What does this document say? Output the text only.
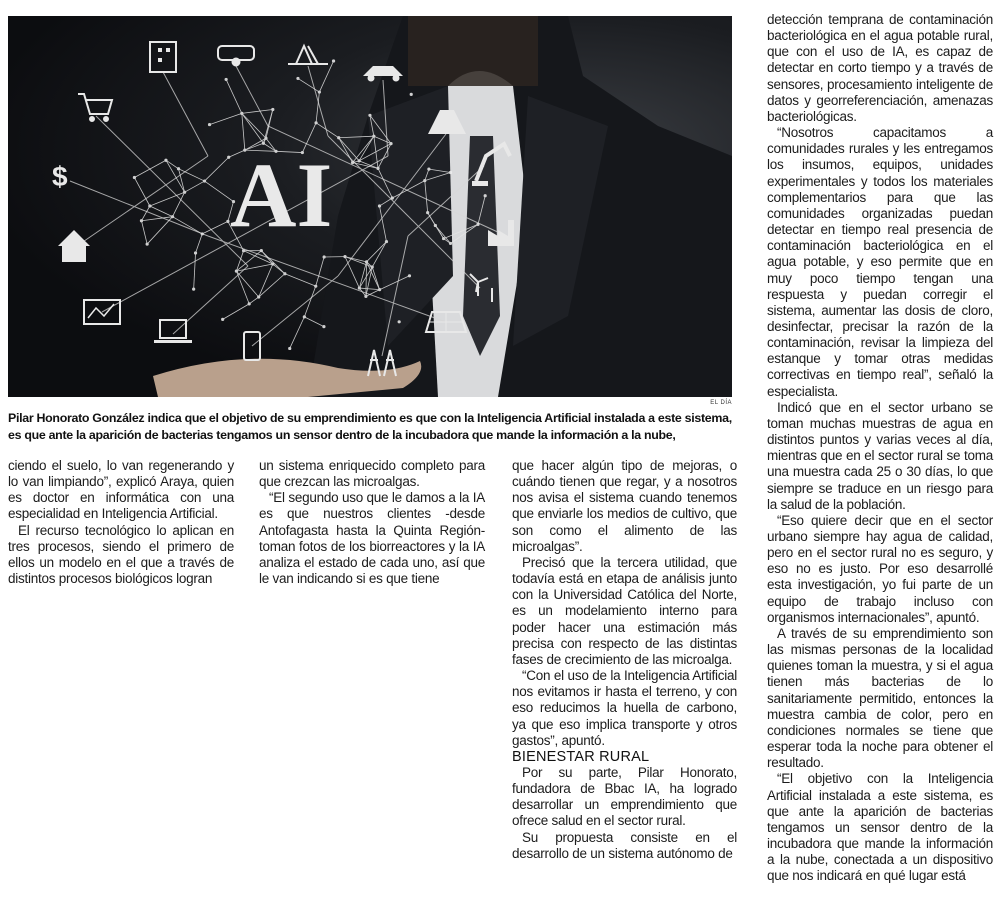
AI
$
EL DÍA
Pilar Honorato González indica que el objetivo de su emprendimiento es que con la Inteligencia Artificial instalada a este sistema, es que ante la aparición de bacterias tengamos un sensor dentro de la incubadora que mande la información a la nube,

ciendo el suelo, lo van regenerando y lo van limpiando”, explicó Araya, quien es doctor en informática con una especialidad en Inteligencia Artificial.

El recurso tecnológico lo aplican en tres procesos, siendo el primero de ellos un modelo en el que a través de distintos procesos biológicos logran

un sistema enriquecido completo para que crezcan las microalgas.

“El segundo uso que le damos a la IA es que nuestros clientes -desde Antofagasta hasta la Quinta Región- toman fotos de los biorreactores y la IA analiza el estado de cada uno, así que le van indicando si es que tiene

que hacer algún tipo de mejoras, o cuándo tienen que regar, y a nosotros nos avisa el sistema cuando tenemos que enviarle los medios de cultivo, que son como el alimento de las microalgas”.

Precisó que la tercera utilidad, que todavía está en etapa de análisis junto con la Universidad Católica del Norte, es un modelamiento interno para poder hacer una estimación más precisa con respecto de las distintas fases de crecimiento de las microalga.

“Con el uso de la Inteligencia Artificial nos evitamos ir hasta el terreno, y con eso reducimos la huella de carbono, ya que eso implica transporte y otros gastos”, apuntó.

BIENESTAR RURAL

Por su parte, Pilar Honorato, fundadora de Bbac IA, ha logrado desarrollar un emprendimiento que ofrece salud en el sector rural.

Su propuesta consiste en el desarrollo de un sistema autónomo de

detección temprana de contaminación bacteriológica en el agua potable rural, que con el uso de IA, es capaz de detectar en corto tiempo y a través de sensores, procesamiento inteligente de datos y georreferenciación, amenazas bacteriológicas.

“Nosotros capacitamos a comunidades rurales y les entregamos los insumos, equipos, unidades experimentales y todos los materiales complementarios para que las comunidades organizadas puedan detectar en tiempo real presencia de contaminación bacteriológica en el agua potable, y eso permite que en muy poco tiempo tengan una respuesta y puedan corregir el sistema, aumentar las dosis de cloro, desinfectar, precisar la razón de la contaminación, revisar la limpieza del estanque y tomar otras medidas correctivas en tiempo real”, señaló la especialista.

Indicó que en el sector urbano se toman muchas muestras de agua en distintos puntos y varias veces al día, mientras que en el sector rural se toma una muestra cada 25 o 30 días, lo que siempre se traduce en un riesgo para la salud de la población.

“Eso quiere decir que en el sector urbano siempre hay agua de calidad, pero en el sector rural no es seguro, y eso no es justo. Por eso desarrollé esta investigación, yo fui parte de un equipo de trabajo incluso con organismos internacionales”, apuntó.

A través de su emprendimiento son las mismas personas de la localidad quienes toman la muestra, y si el agua tienen más bacterias de lo sanitariamente permitido, entonces la muestra cambia de color, pero en condiciones normales se tiene que esperar toda la noche para obtener el resultado.

“El objetivo con la Inteligencia Artificial instalada a este sistema, es que ante la aparición de bacterias tengamos un sensor dentro de la incubadora que mande la información a la nube, conectada a un dispositivo que nos indicará en qué lugar está
